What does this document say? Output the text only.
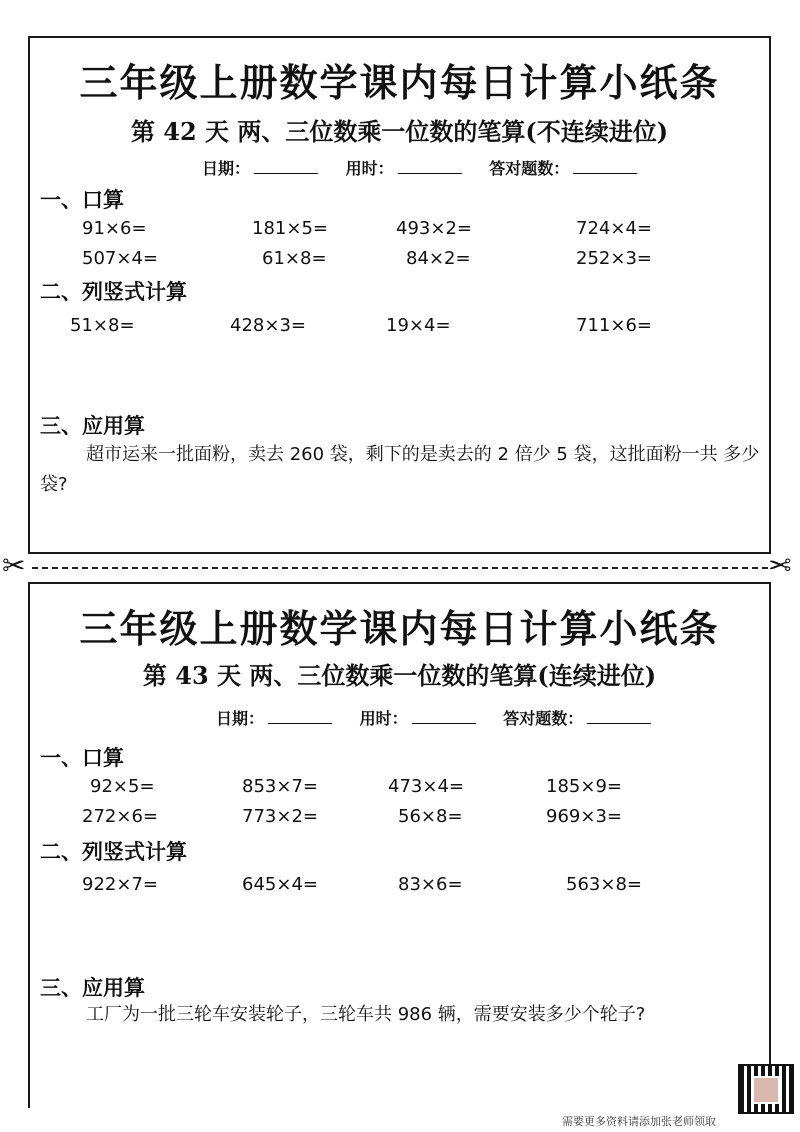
三年级上册数学课内每日计算小纸条
第 42 天 两、三位数乘一位数的笔算(不连续进位)
日期：	用时：	答对题数：
一、口算
91×6=	181×5=	493×2=	724×4=
507×4=	61×8=	84×2=	252×3=
二、列竖式计算
51×8=	428×3=	19×4=	711×6=
三、应用算
超市运来一批面粉，卖去 260 袋，剩下的是卖去的 2 倍少 5 袋，这批面粉一共 多少袋?
✂	✂
三年级上册数学课内每日计算小纸条
第 43 天 两、三位数乘一位数的笔算(连续进位)
日期：	用时：	答对题数：
一、口算
92×5=	853×7=	473×4=	185×9=
272×6=	773×2=	56×8=	969×3=
二、列竖式计算
922×7=	645×4=	83×6=	563×8=
三、应用算
工厂为一批三轮车安装轮子，三轮车共 986 辆，需要安装多少个轮子?
需要更多资料请添加张老师领取
